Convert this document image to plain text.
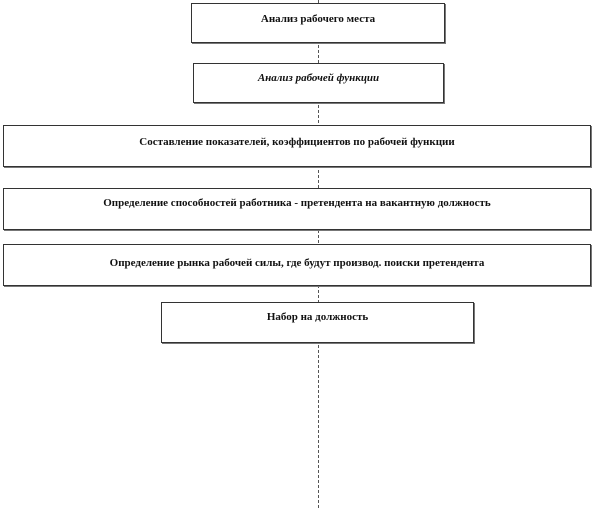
Анализ рабочего места
Анализ рабочей функции
Составление показателей, коэффициентов по рабочей функции
Определение способностей работника - претендента на вакантную должность
Определение рынка рабочей силы, где будут производ. поиски претендента
Набор на должность
